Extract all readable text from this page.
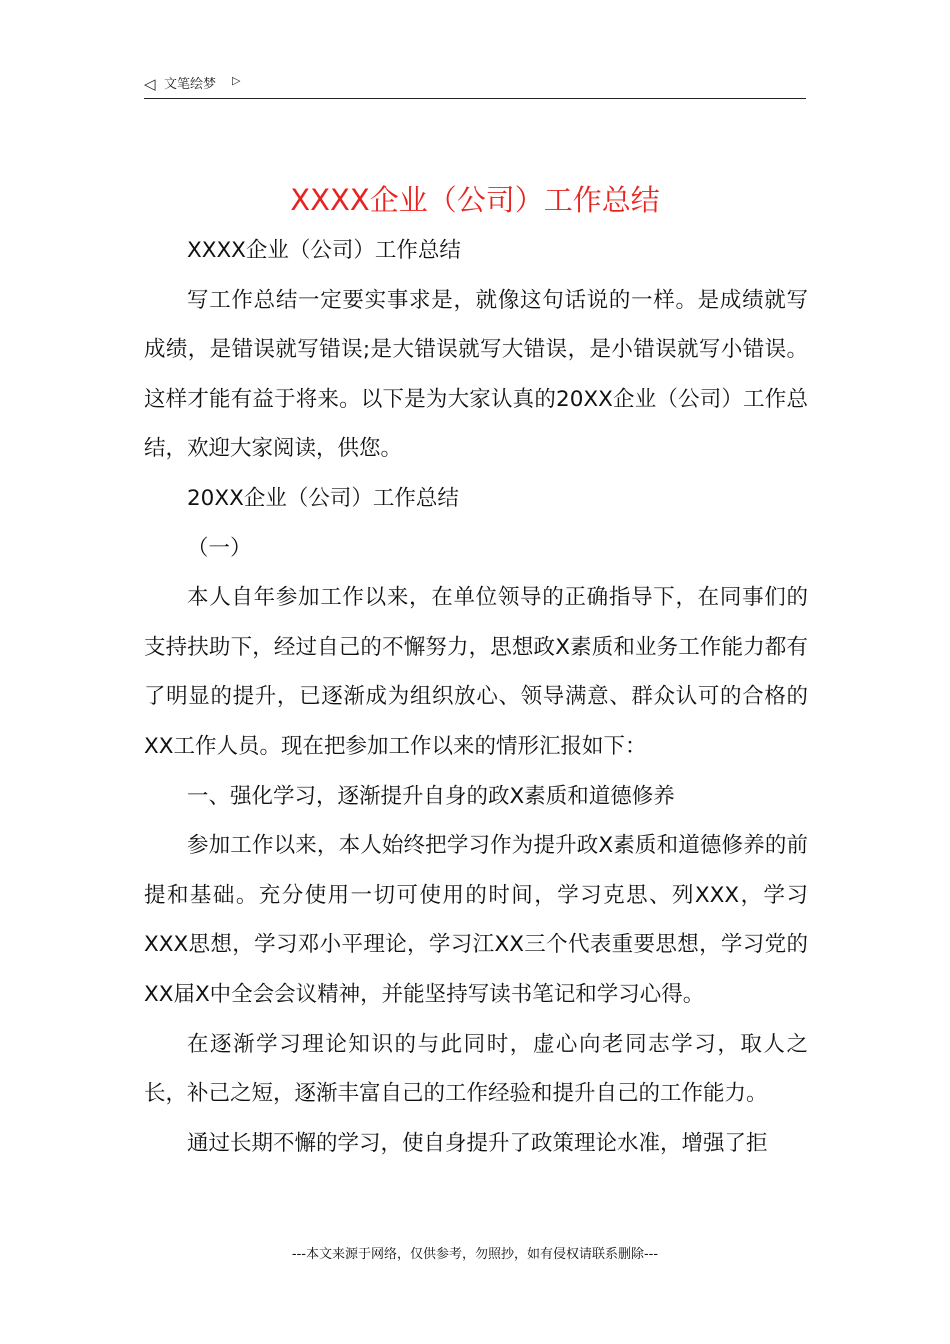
◁ 文笔绘梦 ▷
XXXX企业（公司）工作总结

XXXX企业（公司）工作总结

写工作总结一定要实事求是，就像这句话说的一样。是成绩就写成绩，是错误就写错误;是大错误就写大错误，是小错误就写小错误。这样才能有益于将来。以下是为大家认真的20XX企业（公司）工作总结，欢迎大家阅读，供您。

20XX企业（公司）工作总结

（一）

本人自年参加工作以来，在单位领导的正确指导下，在同事们的支持扶助下，经过自己的不懈努力，思想政X素质和业务工作能力都有了明显的提升，已逐渐成为组织放心、领导满意、群众认可的合格的XX工作人员。现在把参加工作以来的情形汇报如下：

一、强化学习，逐渐提升自身的政X素质和道德修养

参加工作以来，本人始终把学习作为提升政X素质和道德修养的前提和基础。充分使用一切可使用的时间，学习克思、列XXX，学习XXX思想，学习邓小平理论，学习江XX三个代表重要思想，学习党的XX届X中全会会议精神，并能坚持写读书笔记和学习心得。

在逐渐学习理论知识的与此同时，虚心向老同志学习，取人之长，补己之短，逐渐丰富自己的工作经验和提升自己的工作能力。

通过长期不懈的学习，使自身提升了政策理论水准，增强了拒

---本文来源于网络，仅供参考，勿照抄，如有侵权请联系删除---
